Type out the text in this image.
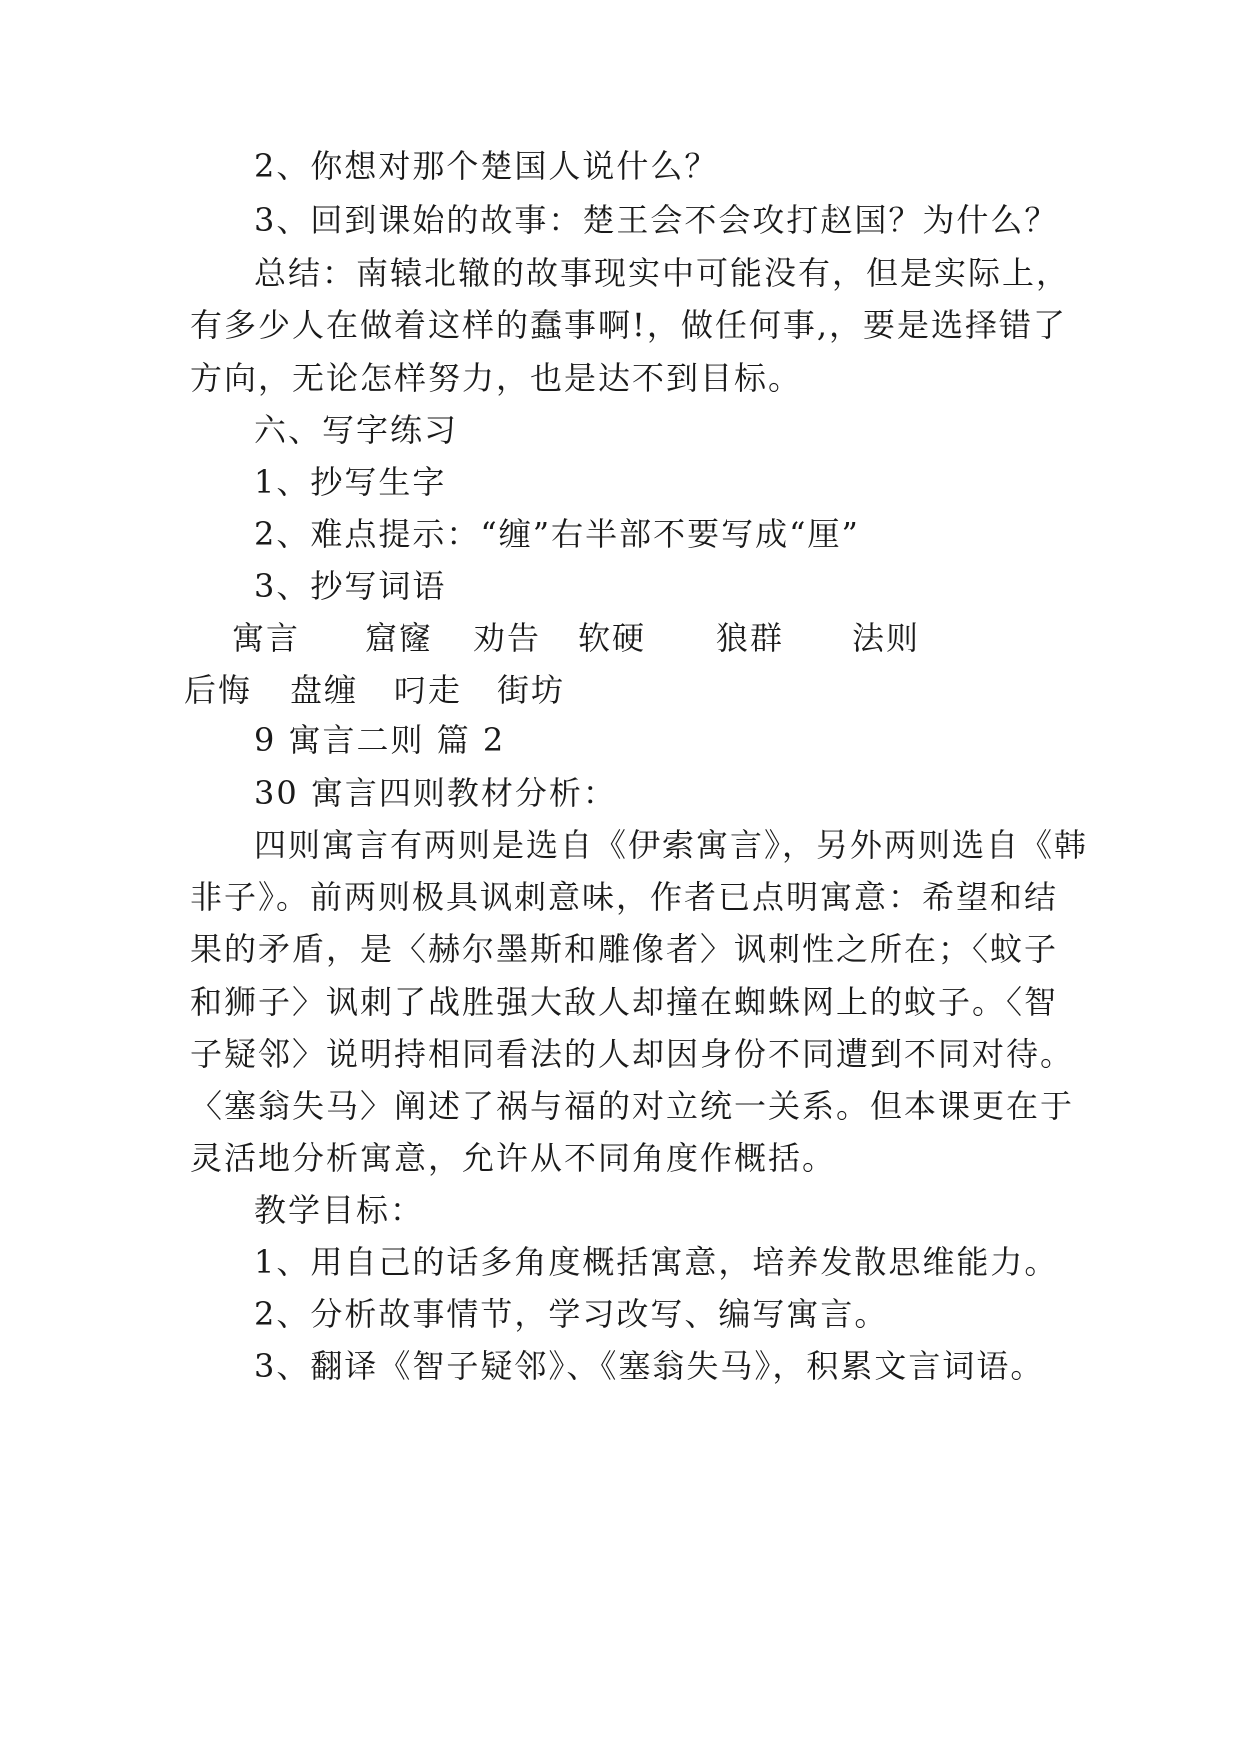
2、你想对那个楚国人说什么？
3、回到课始的故事：楚王会不会攻打赵国？为什么？
总结：南辕北辙的故事现实中可能没有，但是实际上，
有多少人在做着这样的蠢事啊!，做任何事,，要是选择错了
方向，无论怎样努力，也是达不到目标。
六、写字练习
1、抄写生字
2、难点提示：“缠”右半部不要写成“厘”
3、抄写词语
寓言 窟窿 劝告 软硬 狼群 法则
后悔 盘缠 叼走 街坊
9 寓言二则 篇 2
30 寓言四则教材分析：
四则寓言有两则是选自《伊索寓言》，另外两则选自《韩
非子》。前两则极具讽刺意味，作者已点明寓意：希望和结
果的矛盾，是〈赫尔墨斯和雕像者〉讽刺性之所在；〈蚊子
和狮子〉讽刺了战胜强大敌人却撞在蜘蛛网上的蚊子。〈智
子疑邻〉说明持相同看法的人却因身份不同遭到不同对待。
〈塞翁失马〉阐述了祸与福的对立统一关系。但本课更在于
灵活地分析寓意，允许从不同角度作概括。
教学目标：
1、用自己的话多角度概括寓意，培养发散思维能力。
2、分析故事情节，学习改写、编写寓言。
3、翻译《智子疑邻》、《塞翁失马》，积累文言词语。
